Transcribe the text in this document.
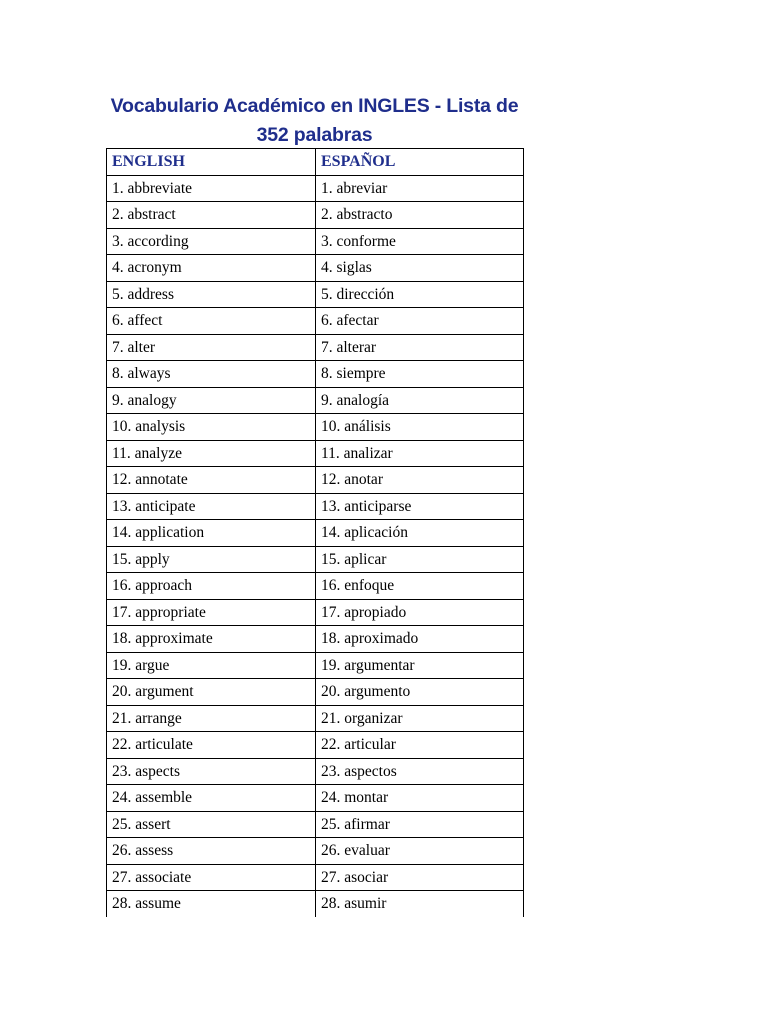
Vocabulario Académico en INGLES - Lista de 352 palabras
ENGLISH	ESPAÑOL
1. abbreviate	1. abreviar
2. abstract	2. abstracto
3. according	3. conforme
4. acronym	4. siglas
5. address	5. dirección
6. affect	6. afectar
7. alter	7. alterar
8. always	8. siempre
9. analogy	9. analogía
10. analysis	10. análisis
11. analyze	11. analizar
12. annotate	12. anotar
13. anticipate	13. anticiparse
14. application	14. aplicación
15. apply	15. aplicar
16. approach	16. enfoque
17. appropriate	17. apropiado
18. approximate	18. aproximado
19. argue	19. argumentar
20. argument	20. argumento
21. arrange	21. organizar
22. articulate	22. articular
23. aspects	23. aspectos
24. assemble	24. montar
25. assert	25. afirmar
26. assess	26. evaluar
27. associate	27. asociar
28. assume	28. asumir
